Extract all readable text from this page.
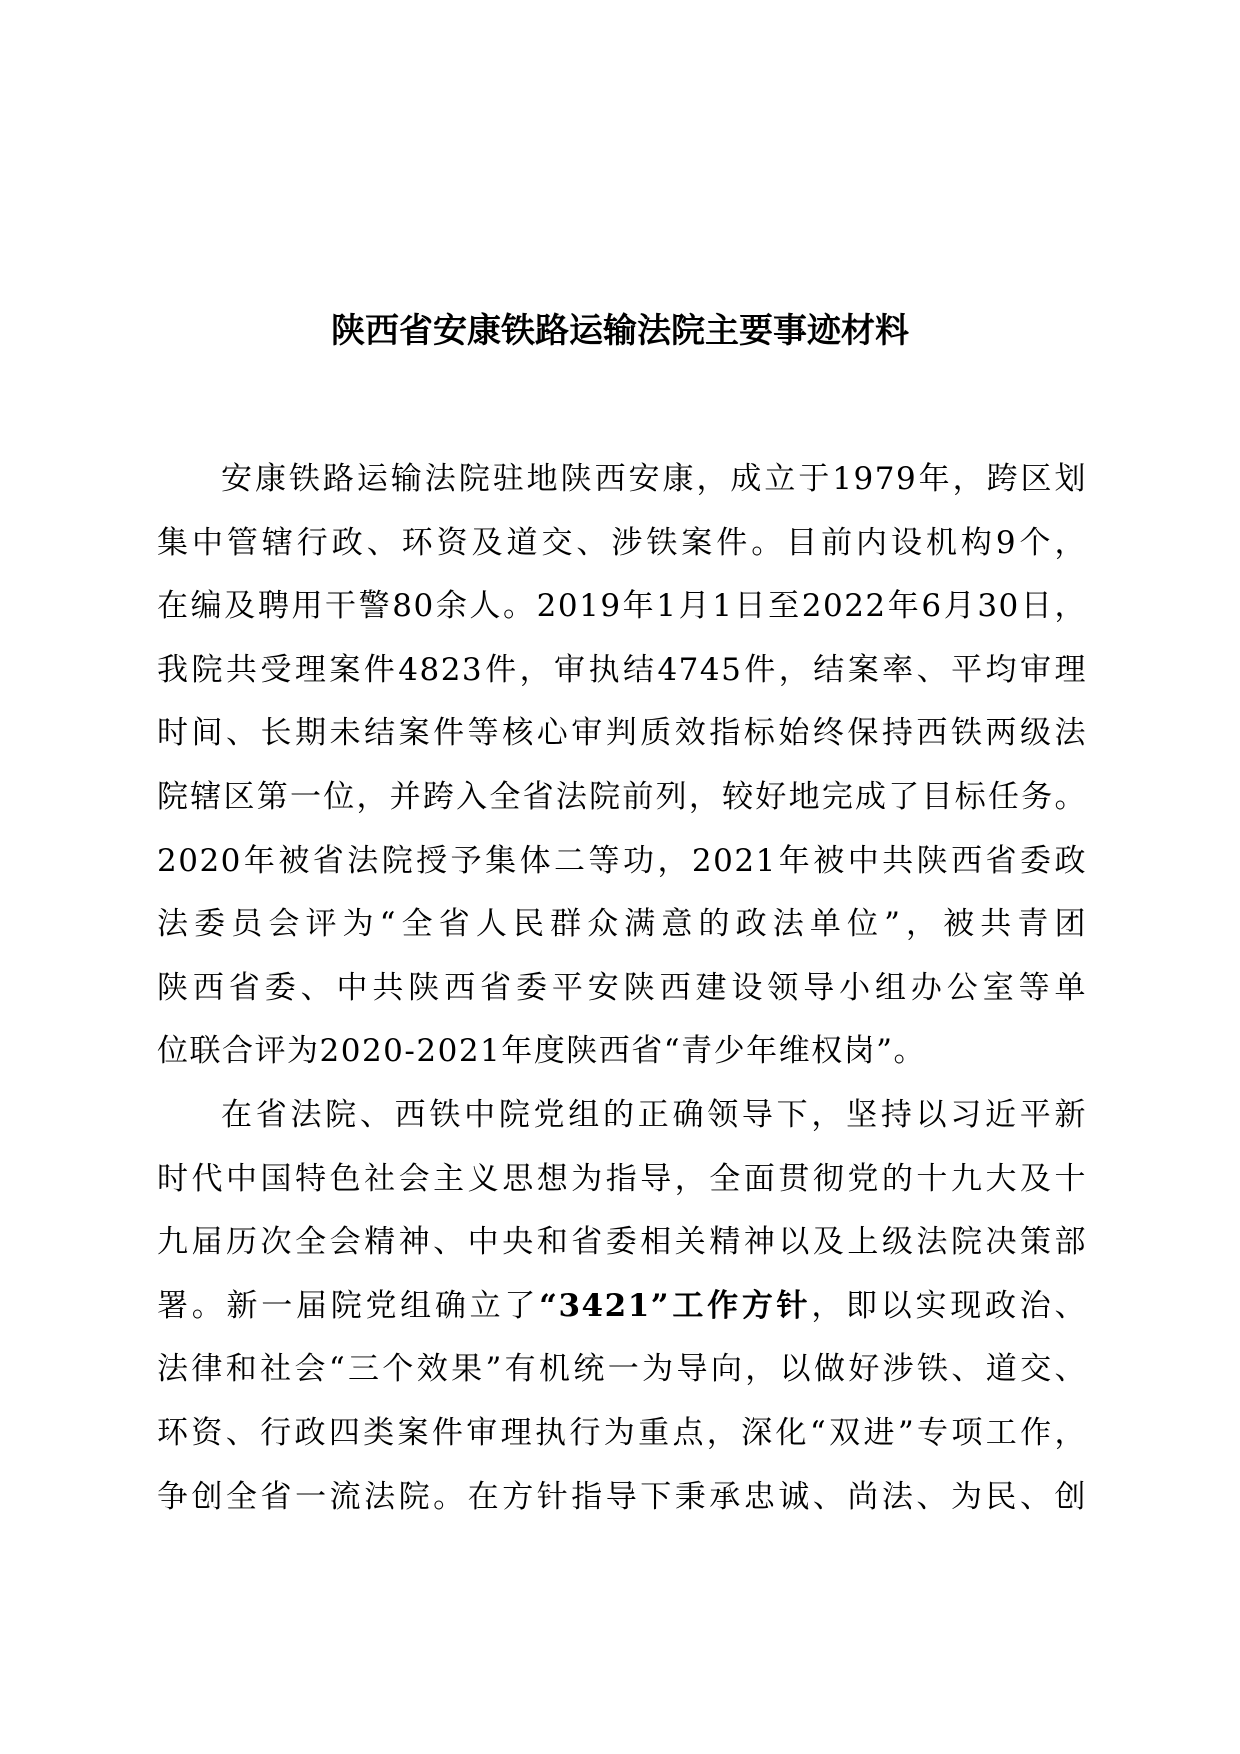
陕西省安康铁路运输法院主要事迹材料

安康铁路运输法院驻地陕西安康，成立于1979年，跨区划
集中管辖行政、环资及道交、涉铁案件。目前内设机构9个，
在编及聘用干警80余人。2019年1月1日至2022年6月30日，
我院共受理案件4823件，审执结4745件，结案率、平均审理
时间、长期未结案件等核心审判质效指标始终保持西铁两级法
院辖区第一位，并跨入全省法院前列，较好地完成了目标任务。
2020年被省法院授予集体二等功，2021年被中共陕西省委政
法委员会评为“全省人民群众满意的政法单位”，被共青团
陕西省委、中共陕西省委平安陕西建设领导小组办公室等单
位联合评为2020-2021年度陕西省“青少年维权岗”。

在省法院、西铁中院党组的正确领导下，坚持以习近平新
时代中国特色社会主义思想为指导，全面贯彻党的十九大及十
九届历次全会精神、中央和省委相关精神以及上级法院决策部
署。新一届院党组确立了“3421”工作方针，即以实现政治、
法律和社会“三个效果”有机统一为导向，以做好涉铁、道交、
环资、行政四类案件审理执行为重点，深化“双进”专项工作，
争创全省一流法院。在方针指导下秉承忠诚、尚法、为民、创
